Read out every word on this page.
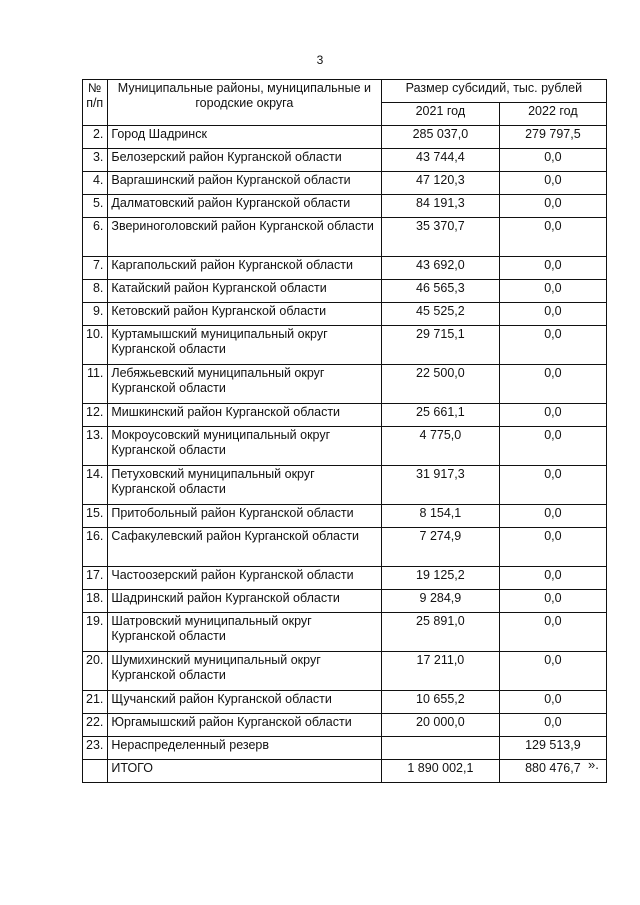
3
№ п/п	Муниципальные районы, муниципальные и городские округа	Размер субсидий, тыс. рублей	
		2021 год	2022 год
2.	Город Шадринск	285 037,0	279 797,5
3.	Белозерский район Курганской области	43 744,4	0,0
4.	Варгашинский район Курганской области	47 120,3	0,0
5.	Далматовский район Курганской области	84 191,3	0,0
6.	Звериноголовский район Курганской области	35 370,7	0,0
7.	Каргапольский район Курганской области	43 692,0	0,0
8.	Катайский район Курганской области	46 565,3	0,0
9.	Кетовский район Курганской области	45 525,2	0,0
10.	Куртамышский муниципальный округ Курганской области	29 715,1	0,0
11.	Лебяжьевский муниципальный округ Курганской области	22 500,0	0,0
12.	Мишкинский район Курганской области	25 661,1	0,0
13.	Мокроусовский муниципальный округ Курганской области	4 775,0	0,0
14.	Петуховский муниципальный округ Курганской области	31 917,3	0,0
15.	Притобольный район Курганской области	8 154,1	0,0
16.	Сафакулевский район Курганской области	7 274,9	0,0
17.	Частоозерский район Курганской области	19 125,2	0,0
18.	Шадринский район Курганской области	9 284,9	0,0
19.	Шатровский муниципальный округ Курганской области	25 891,0	0,0
20.	Шумихинский муниципальный округ Курганской области	17 211,0	0,0
21.	Щучанский район Курганской области	10 655,2	0,0
22.	Юргамышский район Курганской области	20 000,0	0,0
23.	Нераспределенный резерв		129 513,9
	ИТОГО	1 890 002,1	880 476,7 ».
